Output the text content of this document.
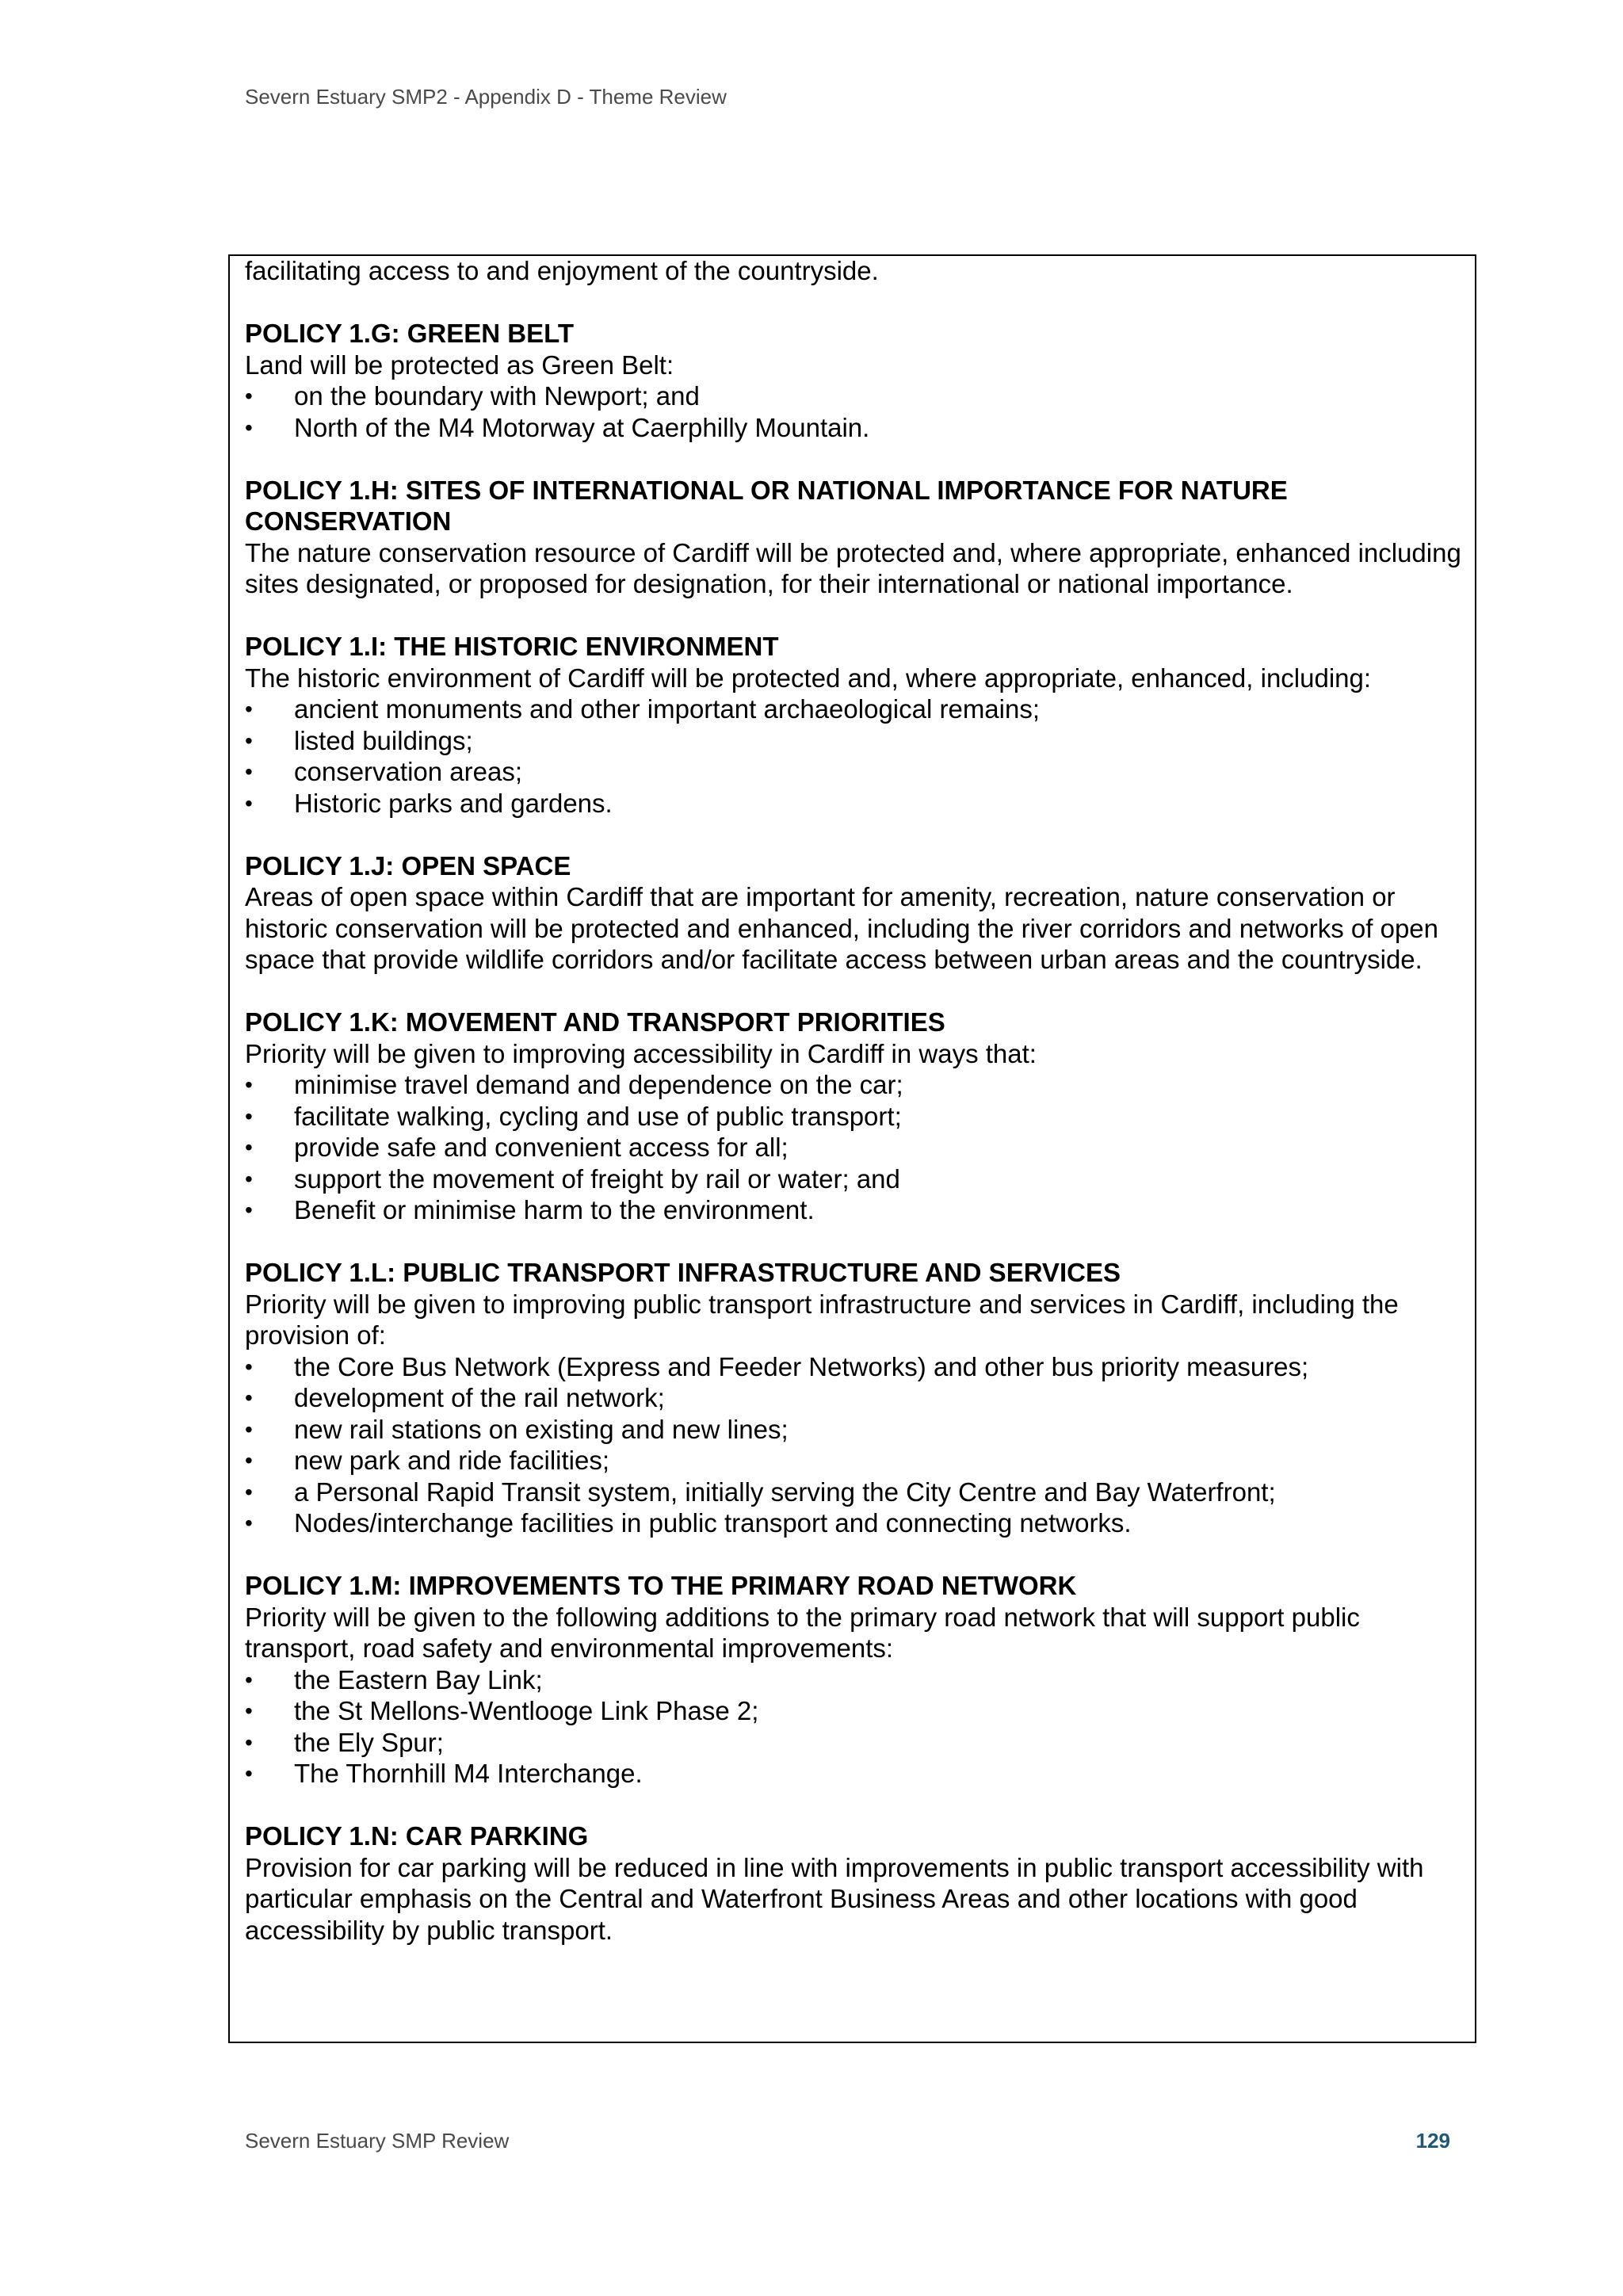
Severn Estuary SMP2 - Appendix D - Theme Review

facilitating access to and enjoyment of the countryside.

POLICY 1.G: GREEN BELT

Land will be protected as Green Belt:

• on the boundary with Newport; and
• North of the M4 Motorway at Caerphilly Mountain.

POLICY 1.H: SITES OF INTERNATIONAL OR NATIONAL IMPORTANCE FOR NATURE CONSERVATION

The nature conservation resource of Cardiff will be protected and, where appropriate, enhanced including sites designated, or proposed for designation, for their international or national importance.

POLICY 1.I: THE HISTORIC ENVIRONMENT

The historic environment of Cardiff will be protected and, where appropriate, enhanced, including:

• ancient monuments and other important archaeological remains;
• listed buildings;
• conservation areas;
• Historic parks and gardens.

POLICY 1.J: OPEN SPACE

Areas of open space within Cardiff that are important for amenity, recreation, nature conservation or historic conservation will be protected and enhanced, including the river corridors and networks of open space that provide wildlife corridors and/or facilitate access between urban areas and the countryside.

POLICY 1.K: MOVEMENT AND TRANSPORT PRIORITIES

Priority will be given to improving accessibility in Cardiff in ways that:

• minimise travel demand and dependence on the car;
• facilitate walking, cycling and use of public transport;
• provide safe and convenient access for all;
• support the movement of freight by rail or water; and
• Benefit or minimise harm to the environment.

POLICY 1.L: PUBLIC TRANSPORT INFRASTRUCTURE AND SERVICES

Priority will be given to improving public transport infrastructure and services in Cardiff, including the provision of:

• the Core Bus Network (Express and Feeder Networks) and other bus priority measures;
• development of the rail network;
• new rail stations on existing and new lines;
• new park and ride facilities;
• a Personal Rapid Transit system, initially serving the City Centre and Bay Waterfront;
• Nodes/interchange facilities in public transport and connecting networks.

POLICY 1.M: IMPROVEMENTS TO THE PRIMARY ROAD NETWORK

Priority will be given to the following additions to the primary road network that will support public transport, road safety and environmental improvements:

• the Eastern Bay Link;
• the St Mellons-Wentlooge Link Phase 2;
• the Ely Spur;
• The Thornhill M4 Interchange.

POLICY 1.N: CAR PARKING

Provision for car parking will be reduced in line with improvements in public transport accessibility with particular emphasis on the Central and Waterfront Business Areas and other locations with good accessibility by public transport.

Severn Estuary SMP Review	129
